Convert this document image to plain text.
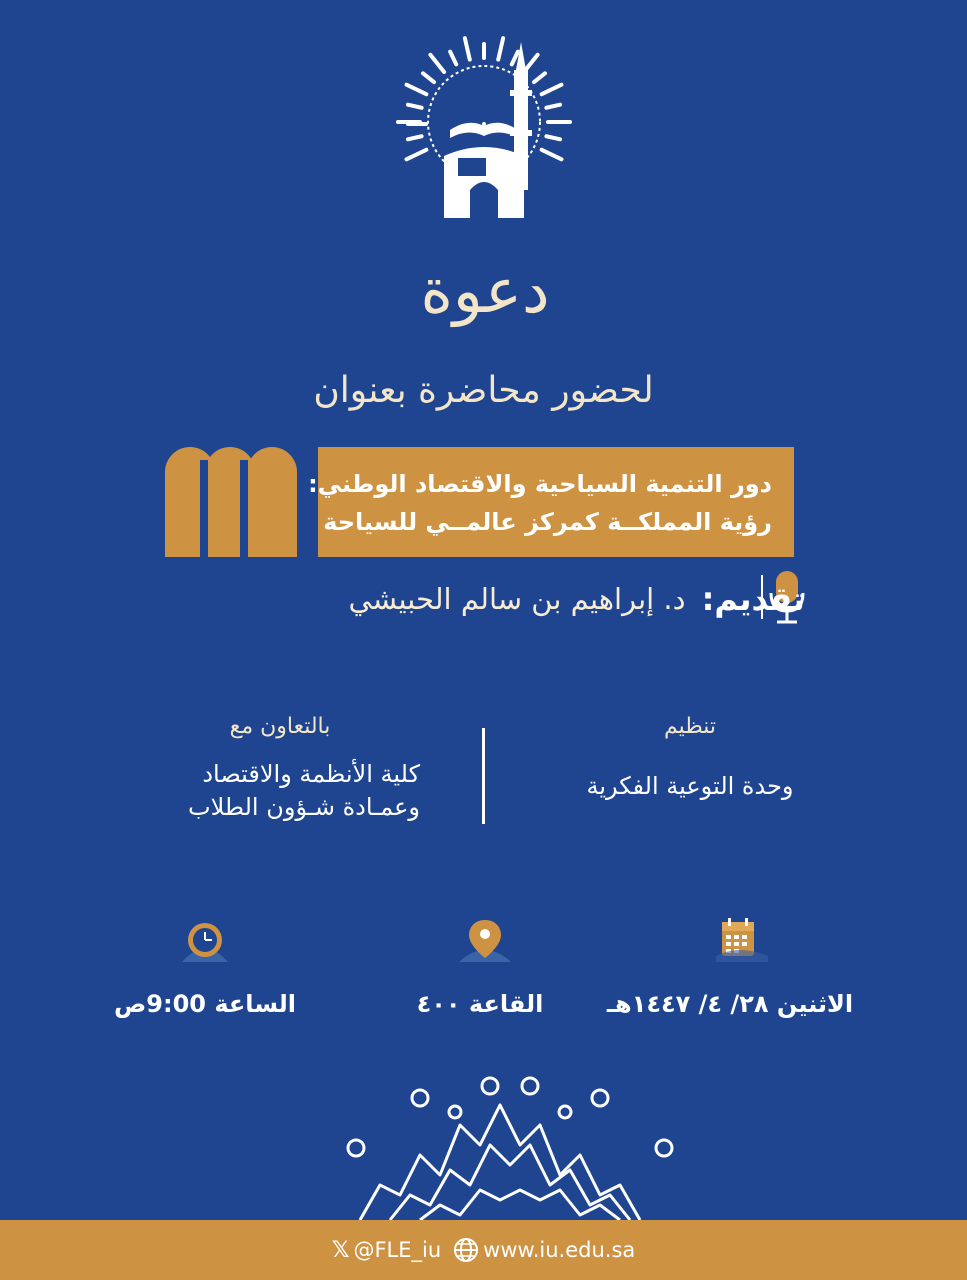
دعوة
لحضور محاضرة بعنوان
دور التنمية السياحية والاقتصاد الوطني:
رؤية المملكــة كمركز عالمــي للسياحة
تقديم:
د. إبراهيم بن سالم الحبيشي
تنظيم
وحدة التوعية الفكرية
بالتعاون مع
كلية الأنظمة والاقتصاد
وعمـادة شـؤون الطلاب
الاثنين ٢٨/ ٤/ ١٤٤٧هـ
القاعة ٤٠٠
الساعة 9:00ص
𝕏 @FLE_iu www.iu.edu.sa
